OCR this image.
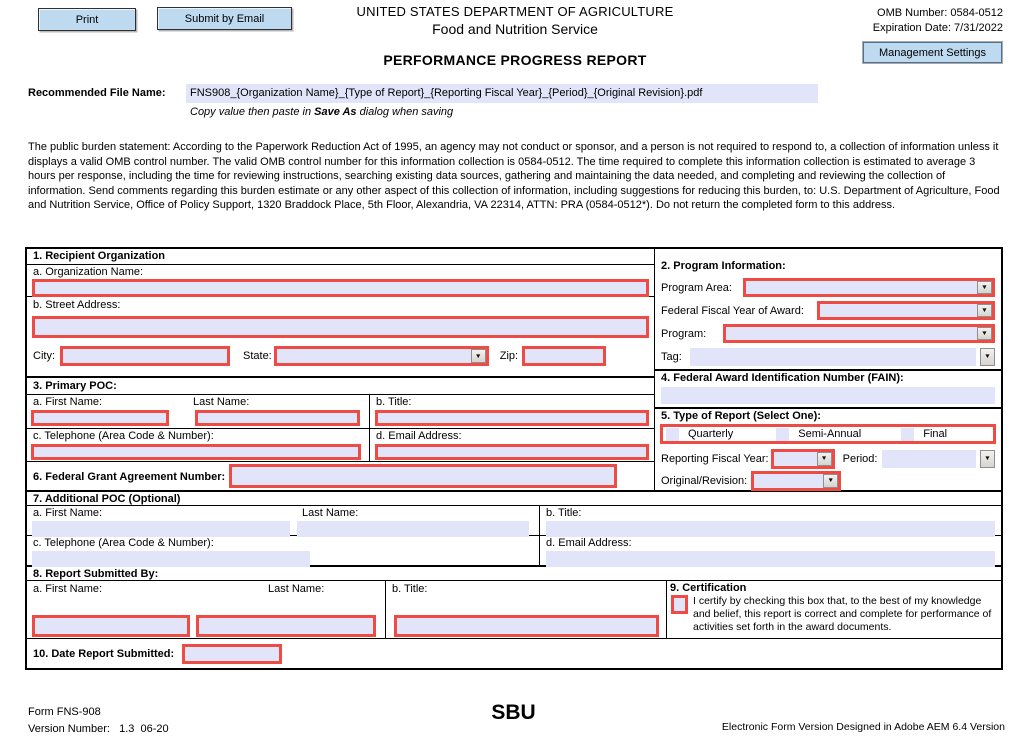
Print	Submit by Email	UNITED STATES DEPARTMENT OF AGRICULTURE
Food and Nutrition Service
PERFORMANCE PROGRESS REPORT
OMB Number: 0584-0512
Expiration Date: 7/31/2022
Management Settings
Recommended File Name:	FNS908_{Organization Name}_{Type of Report}_{Reporting Fiscal Year}_{Period}_{Original Revision}.pdf
Copy value then paste in Save As dialog when saving
The public burden statement: According to the Paperwork Reduction Act of 1995, an agency may not conduct or sponsor, and a person is not required to respond to, a collection of information unless it displays a valid OMB control number. The valid OMB control number for this information collection is 0584-0512. The time required to complete this information collection is estimated to average 3 hours per response, including the time for reviewing instructions, searching existing data sources, gathering and maintaining the data needed, and completing and reviewing the collection of information. Send comments regarding this burden estimate or any other aspect of this collection of information, including suggestions for reducing this burden, to: U.S. Department of Agriculture, Food and Nutrition Service, Office of Policy Support, 1320 Braddock Place, 5th Floor, Alexandria, VA 22314, ATTN: PRA (0584-0512*). Do not return the completed form to this address.
1. Recipient Organization
a. Organization Name:
b. Street Address:
City:	State: ▼	Zip:
3. Primary POC:
a. First Name:	Last Name:	b. Title:
c. Telephone (Area Code & Number):	d. Email Address:
6. Federal Grant Agreement Number:
2. Program Information:
Program Area:
▼
Federal Fiscal Year of Award:
▼
Program:
▼
Tag:
▼
4. Federal Award Identification Number (FAIN):
5. Type of Report (Select One):
Quarterly	Semi-Annual	Final
Reporting Fiscal Year: ▼	Period:
▼
Original/Revision:
▼
7. Additional POC (Optional)
a. First Name:	Last Name:	b. Title:
c. Telephone (Area Code & Number):	d. Email Address:
8. Report Submitted By:
a. First Name:	Last Name:	b. Title:	9. Certification
I certify by checking this box that, to the best of my knowledge and belief, this report is correct and complete for performance of activities set forth in the award documents.
10. Date Report Submitted:
Form FNS-908
Version Number:   1.3  06-20
SBU
Electronic Form Version Designed in Adobe AEM 6.4 Version
